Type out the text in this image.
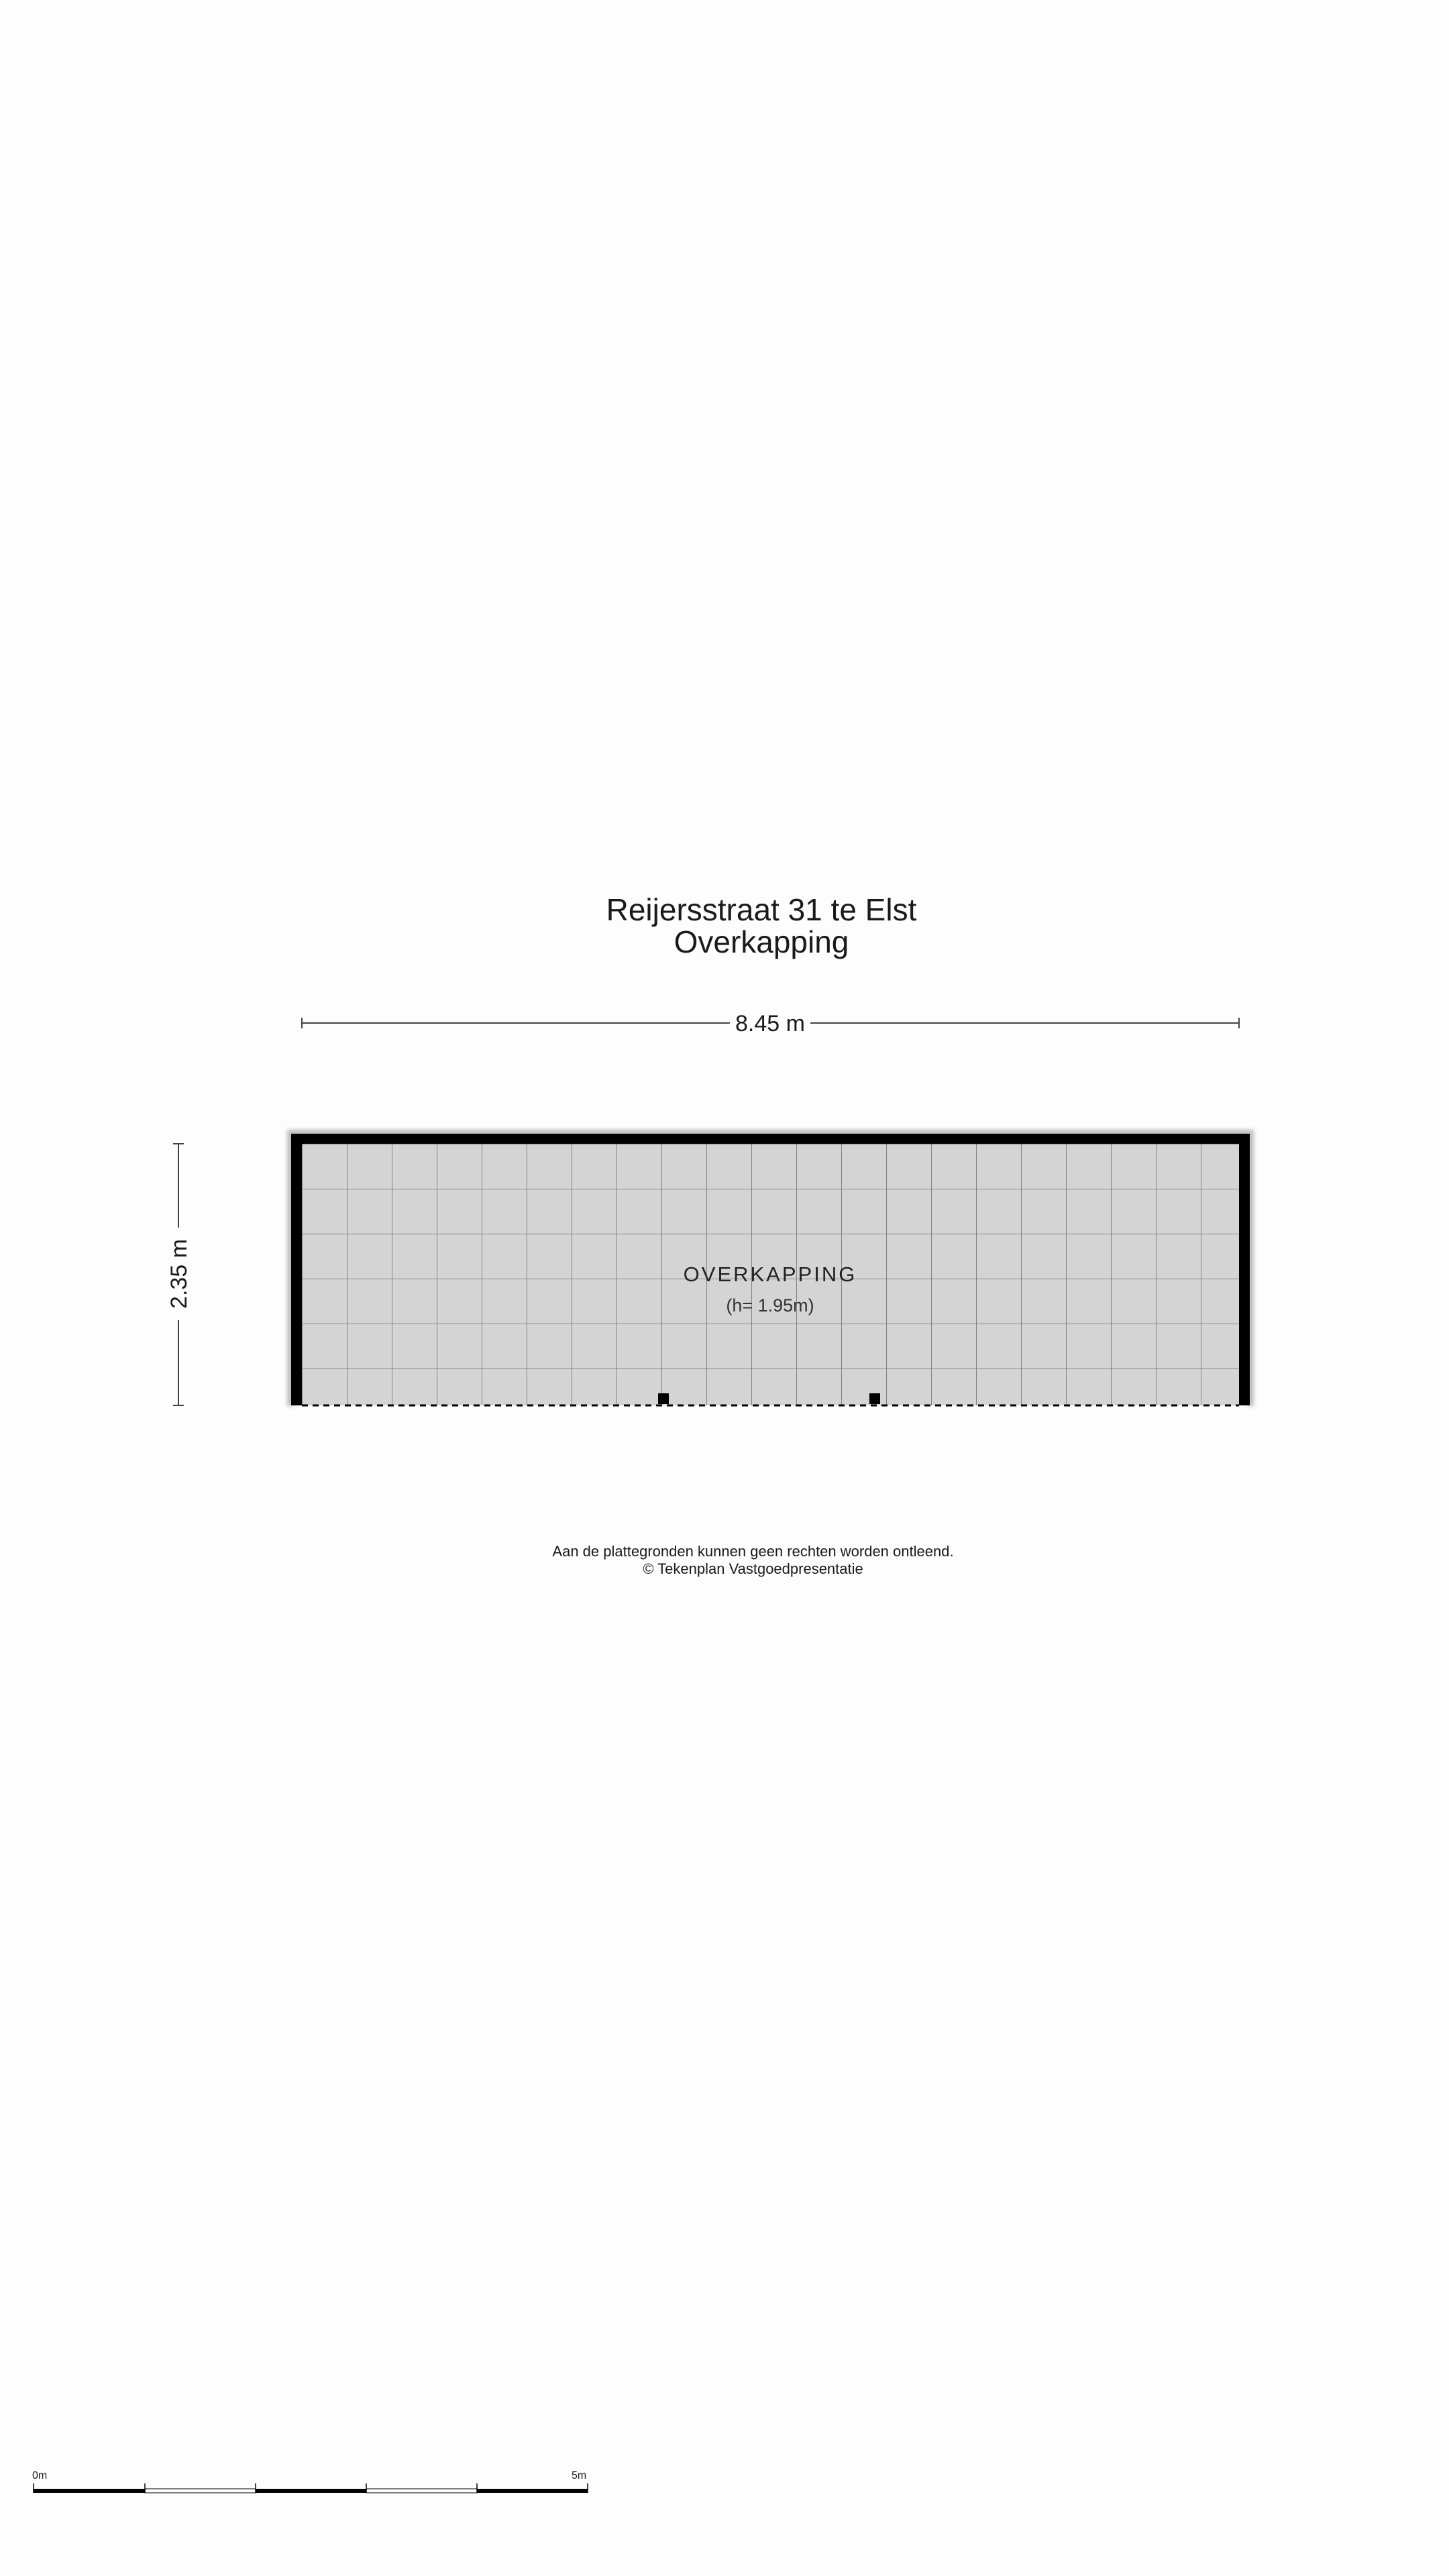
Reijersstraat 31 te Elst
Overkapping
8.45 m
2.35 m	OVERKAPPING
(h= 1.95m)
Aan de plattegronden kunnen geen rechten worden ontleend.
© Tekenplan Vastgoedpresentatie
0m	5m
